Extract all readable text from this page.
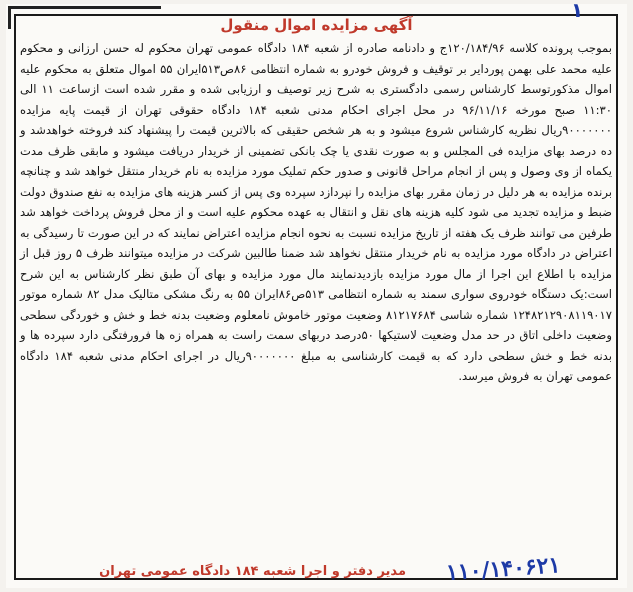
۱
آگهی مزایده اموال منقول
بموجب پرونده کلاسه ۱۲۰/۱۸۴/۹۶ج و دادنامه صادره از شعبه ۱۸۴ دادگاه عمومی تهران محکوم له حسن ارزانی و محکوم علیه محمد علی بهمن پوردایر بر توقیف و فروش خودرو به شماره انتظامی ۸۶ص۵۱۳ایران ۵۵ اموال متعلق به محکوم علیه اموال مذکورتوسط کارشناس رسمی دادگستری به شرح زیر توصیف و ارزیابی شده و مقرر شده است ازساعت ۱۱ الی ۱۱:۳۰ صبح مورخه ۹۶/۱۱/۱۶ در محل اجرای احکام مدنی شعبه ۱۸۴ دادگاه حقوقی تهران از قیمت پایه مزایده ۹۰۰۰۰۰۰۰ریال نظریه کارشناس شروع میشود و به هر شخص حقیقی که بالاترین قیمت را پیشنهاد کند فروخته خواهدشد و ده درصد بهای مزایده فی المجلس و به صورت نقدی یا چک بانکی تضمینی از خریدار دریافت میشود و مابقی ظرف مدت یکماه از وی وصول و پس از انجام مراحل قانونی و صدور حکم تملیک مورد مزایده به نام خریدار منتقل خواهد شد و چنانچه برنده مزایده به هر دلیل در زمان مقرر بهای مزایده را نپردازد سپرده وی پس از کسر هزینه های مزایده به نفع صندوق دولت ضبط و مزایده تجدید می شود کلیه هزینه های نقل و انتقال به عهده محکوم علیه است و از محل فروش پرداخت خواهد شد طرفین می توانند ظرف یک هفته از تاریخ مزایده نسبت به نحوه انجام مزایده اعتراض نمایند که در این صورت تا رسیدگی به اعتراض در دادگاه مورد مزایده به نام خریدار منتقل نخواهد شد ضمنا طالبین شرکت در مزایده میتوانند ظرف ۵ روز قبل از مزایده با اطلاع این اجرا از مال مورد مزایده بازدیدنمایند مال مورد مزایده و بهای آن طبق نظر کارشناس به این شرح است:یک دستگاه خودروی سواری سمند به شماره انتظامی ۵۱۳ص۸۶ایران ۵۵ به رنگ مشکی متالیک مدل ۸۲ شماره موتور ۱۲۴۸۲۱۲۹۰۸۱۱۹۰۱۷ شماره شاسی ۸۱۲۱۷۶۸۴ وضعیت موتور خاموش نامعلوم وضعیت بدنه خط و خش و خوردگی سطحی وضعیت داخلی اتاق در حد مدل وضعیت لاستیکها ۵۰درصد دربهای سمت راست به همراه زه ها فرورفتگی دارد سپرده ها و بدنه خط و خش سطحی دارد که به قیمت کارشناسی به مبلغ ۹۰۰۰۰۰۰۰ریال در اجرای احکام مدنی شعبه ۱۸۴ دادگاه عمومی تهران به فروش میرسد.
۱۱۰/۱۴۰۶۲۱
مدیر دفتر و اجرا شعبه ۱۸۴ دادگاه عمومی تهران
